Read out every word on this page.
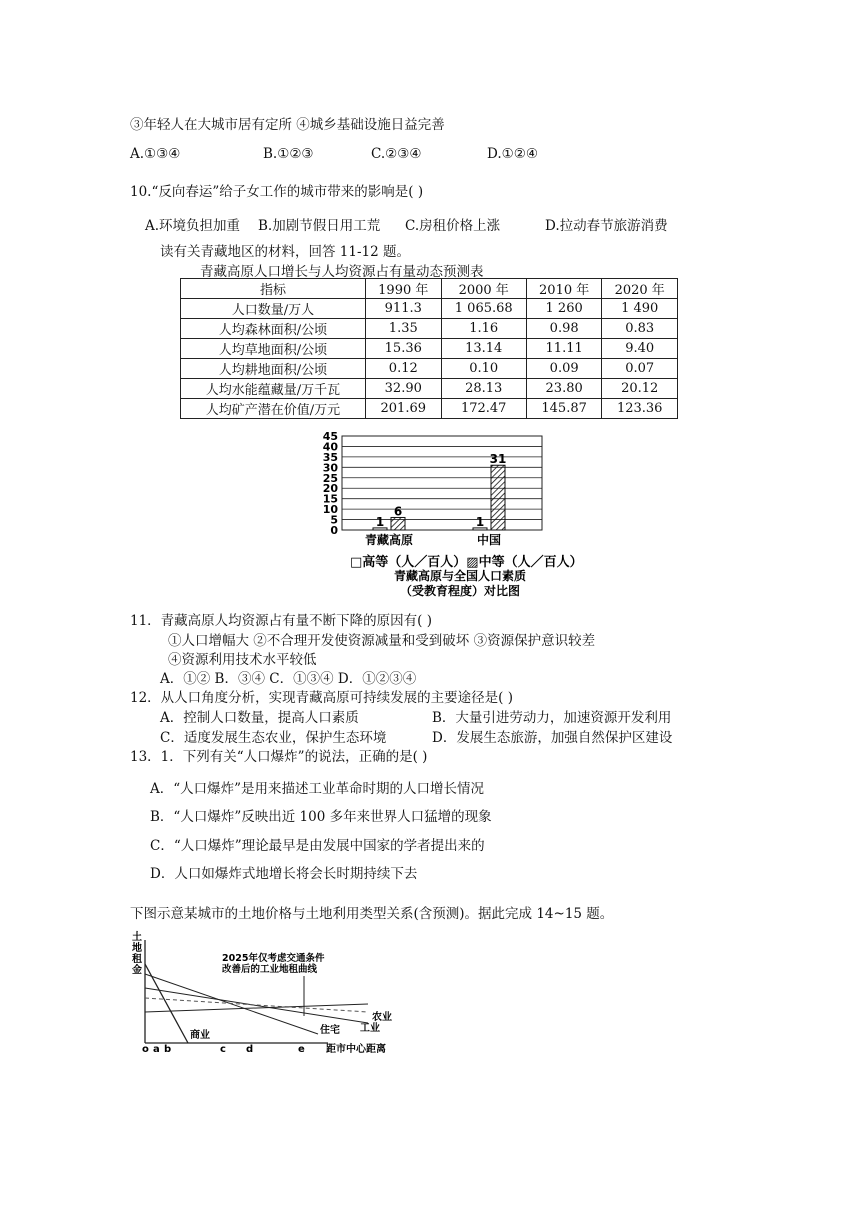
③年轻人在大城市居有定所 ④城乡基础设施日益完善
A.①③④	B.①②③	C.②③④	D.①②④
10.“反向春运”给子女工作的城市带来的影响是( )
A.环境负担加重 B.加剧节假日用工荒 C.房租价格上涨	D.拉动春节旅游消费
读有关青藏地区的材料，回答 11-12 题。
青藏高原人口增长与人均资源占有量动态预测表
指标	1990 年	2000 年	2010 年	2020 年
人口数量/万人	911.3	1 065.68	1 260	1 490
人均森林面积/公顷	1.35	1.16	0.98	0.83
人均草地面积/公顷	15.36	13.14	11.11	9.40
人均耕地面积/公顷	0.12	0.10	0.09	0.07
人均水能蕴藏量/万千瓦	32.90	28.13	23.80	20.12
人均矿产潜在价值/万元	201.69	172.47	145.87	123.36
0
5
10
15
20
25
30
35
40
45
1
6
1
31
青藏高原	中国
□高等（人／百人）▨中等（人／百人）
青藏高原与全国人口素质
（受教育程度）对比图
11．青藏高原人均资源占有量不断下降的原因有( )
①人口增幅大 ②不合理开发使资源减量和受到破坏 ③资源保护意识较差
④资源利用技术水平较低
A．①② B．③④ C．①③④ D．①②③④
12．从人口角度分析，实现青藏高原可持续发展的主要途径是( )
A．控制人口数量，提高人口素质	B．大量引进劳动力，加速资源开发利用
C．适度发展生态农业，保护生态环境	D．发展生态旅游，加强自然保护区建设
13．1．下列有关“人口爆炸”的说法，正确的是( )
A．“人口爆炸”是用来描述工业革命时期的人口增长情况
B．“人口爆炸”反映出近 100 多年来世界人口猛增的现象
C．“人口爆炸”理论最早是由发展中国家的学者提出来的
D．人口如爆炸式地增长将会长时期持续下去
下图示意某城市的土地价格与土地利用类型关系(含预测)。据此完成 14~15 题。
土
地
租
金
2025年仅考虑交通条件
改善后的工业地租曲线
农业
工业
商业	住宅
o a b	c d	e 距市中心距离
